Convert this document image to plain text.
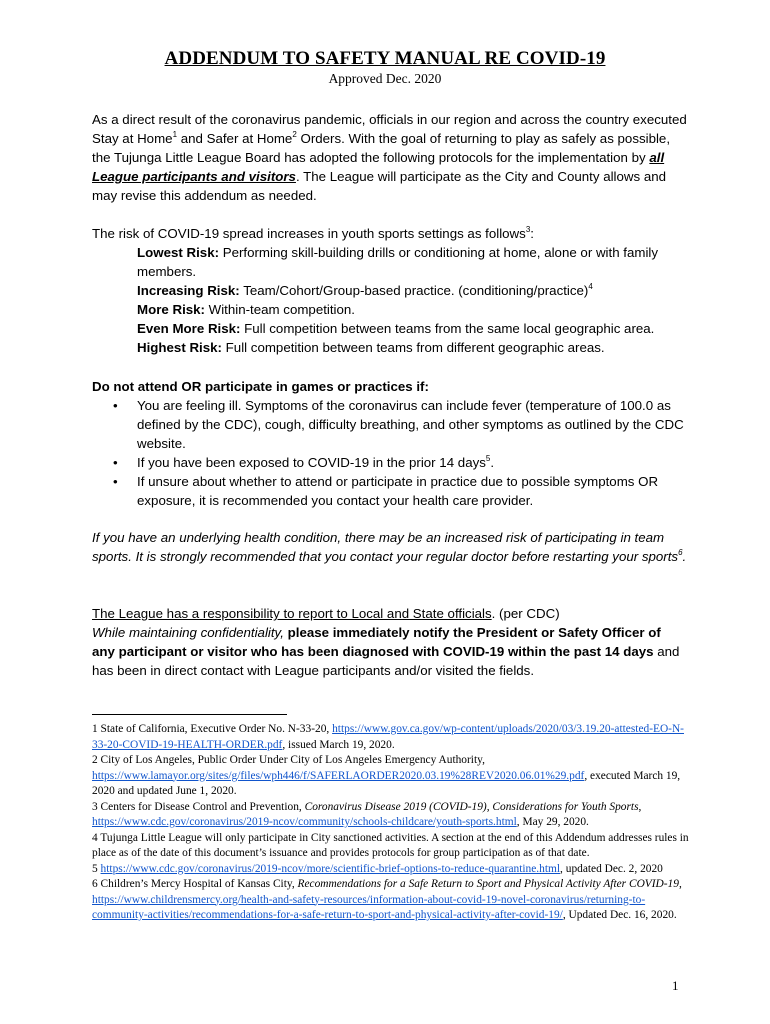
ADDENDUM TO SAFETY MANUAL RE COVID-19
Approved Dec. 2020
As a direct result of the coronavirus pandemic, officials in our region and across the country executed Stay at Home$^1$ and Safer at Home$^2$ Orders. With the goal of returning to play as safely as possible, the Tujunga Little League Board has adopted the following protocols for the implementation by all League participants and visitors. The League will participate as the City and County allows and may revise this addendum as needed.
The risk of COVID-19 spread increases in youth sports settings as follows$^3$:
Lowest Risk: Performing skill-building drills or conditioning at home, alone or with family members.
Increasing Risk: Team/Cohort/Group-based practice. (conditioning/practice)$^4$
More Risk: Within-team competition.
Even More Risk: Full competition between teams from the same local geographic area.
Highest Risk: Full competition between teams from different geographic areas.
Do not attend OR participate in games or practices if:
• You are feeling ill. Symptoms of the coronavirus can include fever (temperature of 100.0 as defined by the CDC), cough, difficulty breathing, and other symptoms as outlined by the CDC website.
• If you have been exposed to COVID-19 in the prior 14 days$^5$.
• If unsure about whether to attend or participate in practice due to possible symptoms OR exposure, it is recommended you contact your health care provider.
If you have an underlying health condition, there may be an increased risk of participating in team sports. It is strongly recommended that you contact your regular doctor before restarting your sports$^6$.
The League has a responsibility to report to Local and State officials. (per CDC)
While maintaining confidentiality, please immediately notify the President or Safety Officer of any participant or visitor who has been diagnosed with COVID-19 within the past 14 days and has been in direct contact with League participants and/or visited the fields.

1 State of California, Executive Order No. N-33-20, https://www.gov.ca.gov/wp-content/uploads/2020/03/3.19.20-attested-EO-N-33-20-COVID-19-HEALTH-ORDER.pdf, issued March 19, 2020.

2 City of Los Angeles, Public Order Under City of Los Angeles Emergency Authority, https://www.lamayor.org/sites/g/files/wph446/f/SAFERLAORDER2020.03.19%28REV2020.06.01%29.pdf, executed March 19, 2020 and updated June 1, 2020.

3 Centers for Disease Control and Prevention, Coronavirus Disease 2019 (COVID-19), Considerations for Youth Sports, https://www.cdc.gov/coronavirus/2019-ncov/community/schools-childcare/youth-sports.html, May 29, 2020.

4 Tujunga Little League will only participate in City sanctioned activities. A section at the end of this Addendum addresses rules in place as of the date of this document’s issuance and provides protocols for group participation as of that date.

5 https://www.cdc.gov/coronavirus/2019-ncov/more/scientific-brief-options-to-reduce-quarantine.html, updated Dec. 2, 2020

6 Children’s Mercy Hospital of Kansas City, Recommendations for a Safe Return to Sport and Physical Activity After COVID-19, https://www.childrensmercy.org/health-and-safety-resources/information-about-covid-19-novel-coronavirus/returning-to-community-activities/recommendations-for-a-safe-return-to-sport-and-physical-activity-after-covid-19/, Updated Dec. 16, 2020.

1
